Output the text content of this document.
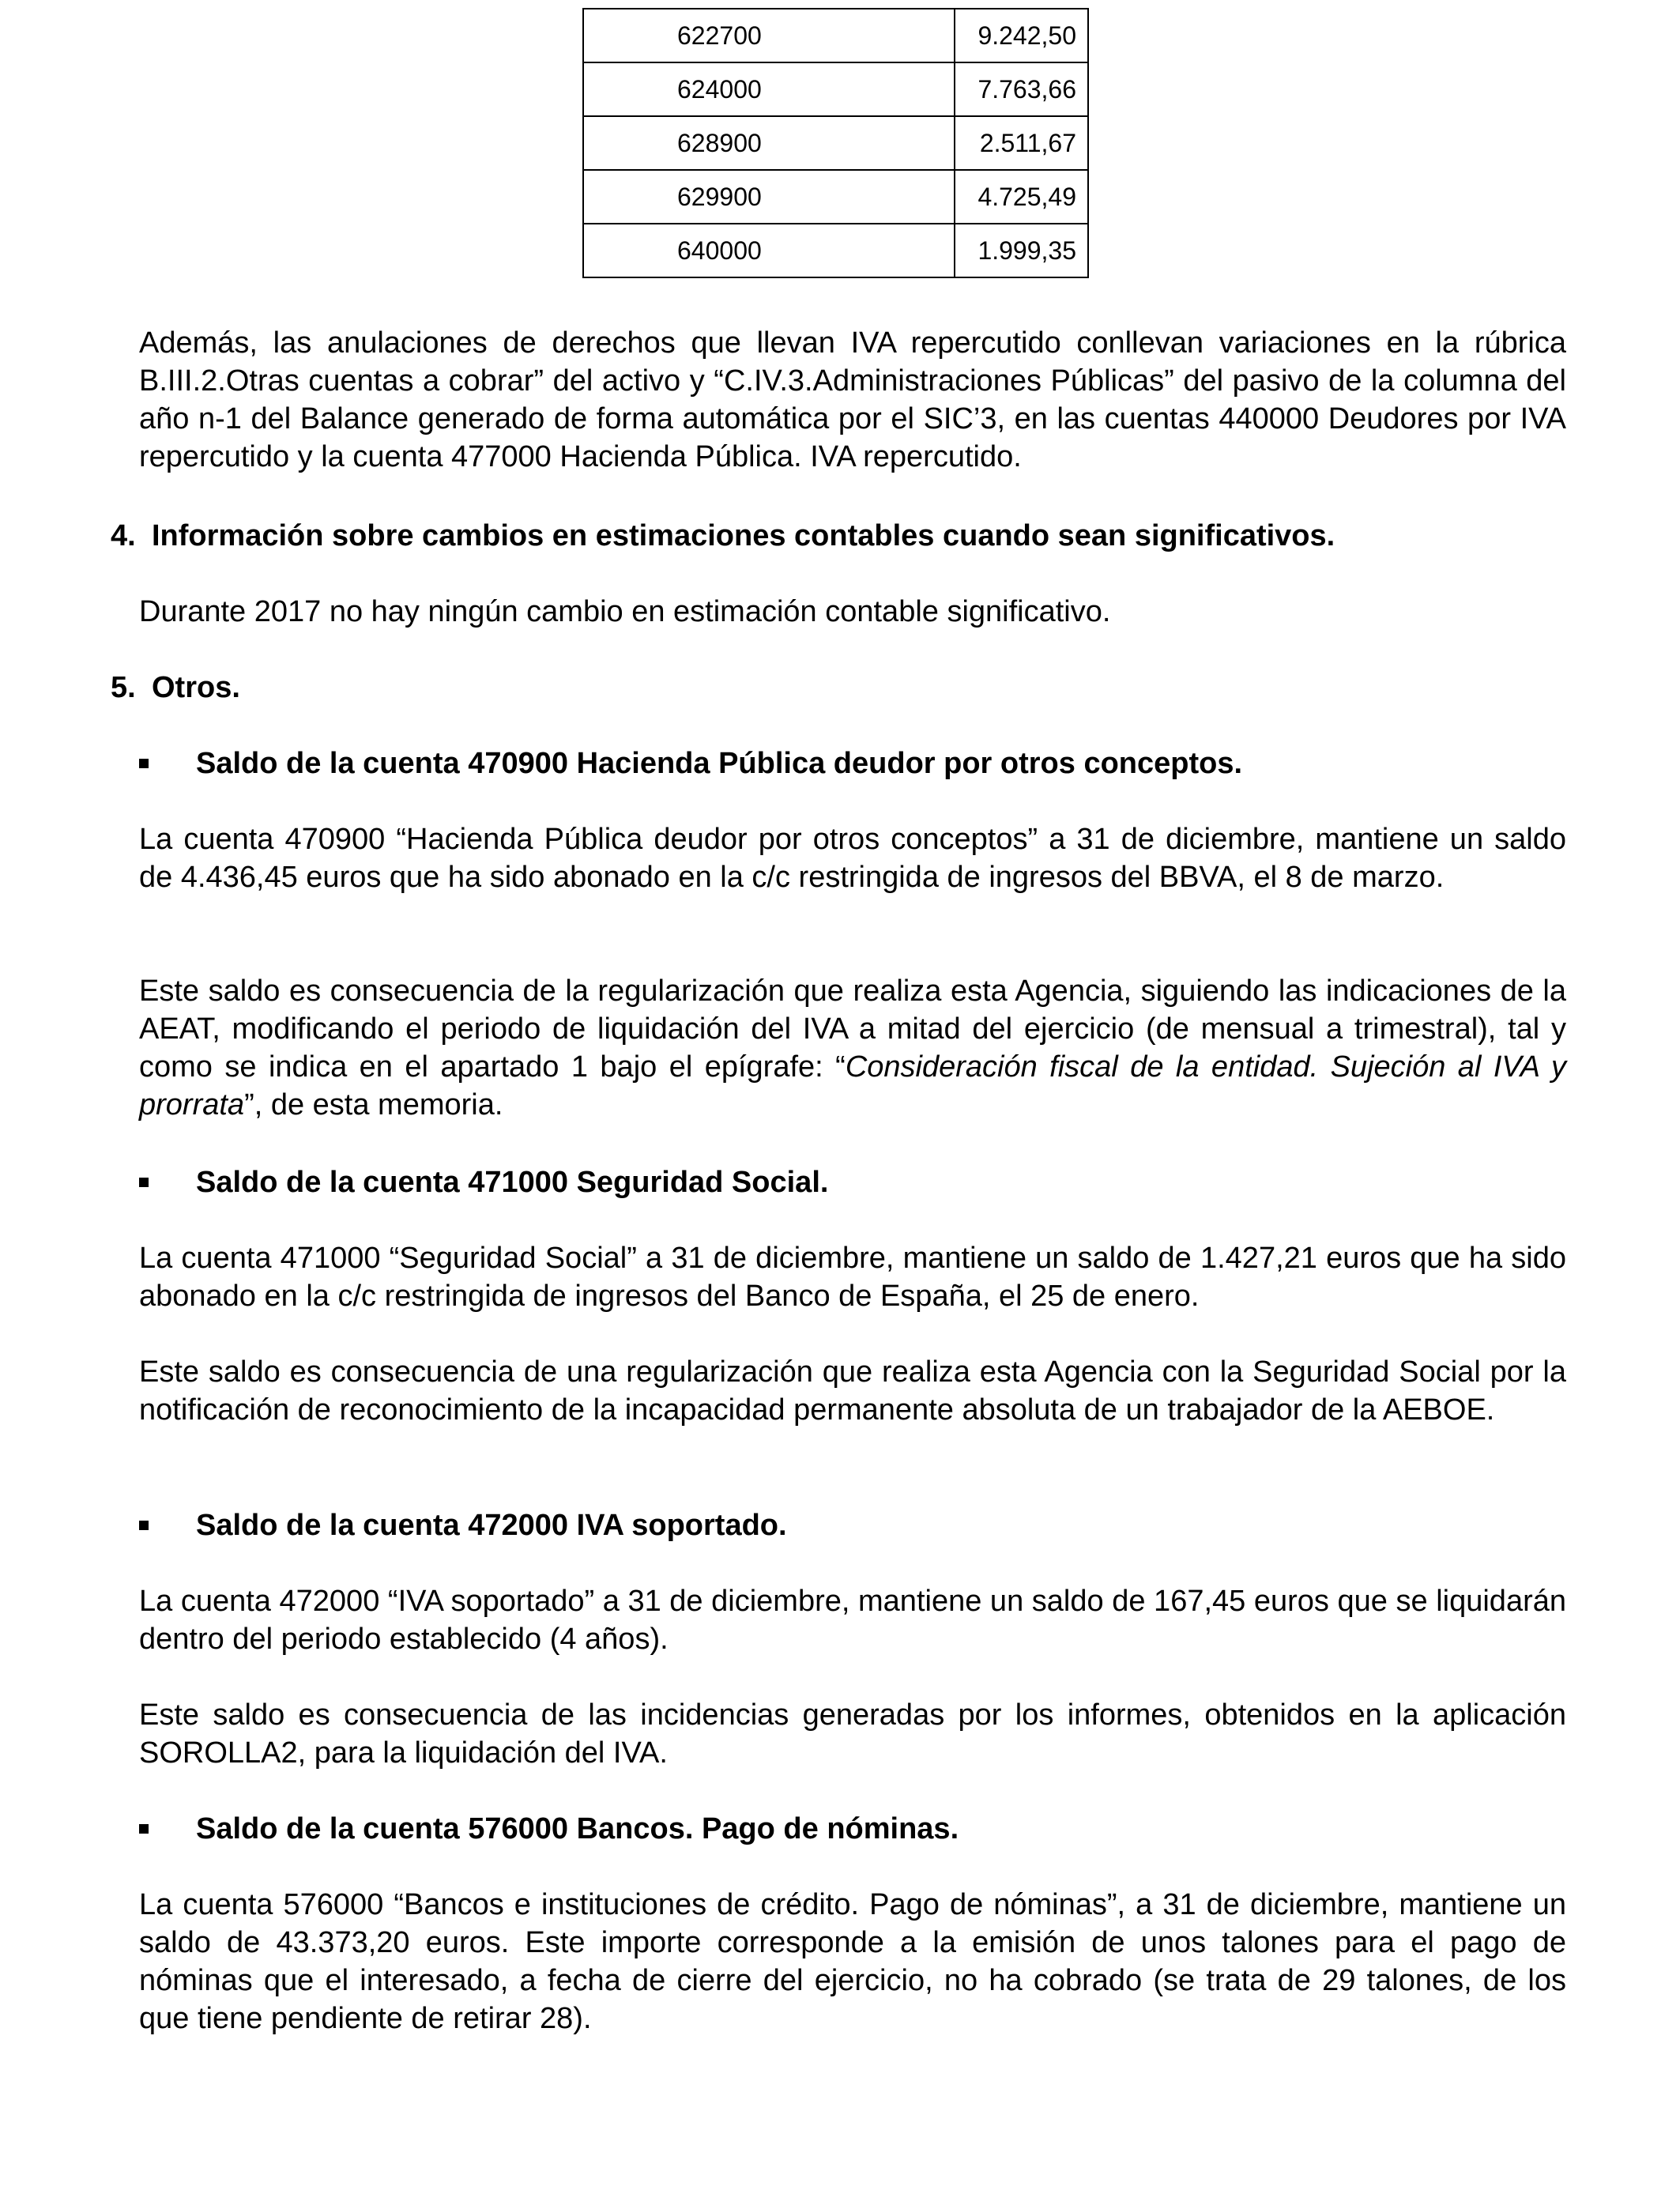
622700	9.242,50
624000	7.763,66
628900	2.511,67
629900	4.725,49
640000	1.999,35

Además, las anulaciones de derechos que llevan IVA repercutido conllevan variaciones en la rúbrica B.III.2.Otras cuentas a cobrar” del activo y “C.IV.3.Administraciones Públicas” del pasivo de la columna del año n-1 del Balance generado de forma automática por el SIC’3, en las cuentas 440000 Deudores por IVA repercutido y la cuenta 477000 Hacienda Pública. IVA repercutido.

4. Información sobre cambios en estimaciones contables cuando sean significativos.

Durante 2017 no hay ningún cambio en estimación contable significativo.

5. Otros.
Saldo de la cuenta 470900 Hacienda Pública deudor por otros conceptos.

La cuenta 470900 “Hacienda Pública deudor por otros conceptos” a 31 de diciembre, mantiene un saldo de 4.436,45 euros que ha sido abonado en la c/c restringida de ingresos del BBVA, el 8 de marzo.

Este saldo es consecuencia de la regularización que realiza esta Agencia, siguiendo las indicaciones de la AEAT, modificando el periodo de liquidación del IVA a mitad del ejercicio (de mensual a trimestral), tal y como se indica en el apartado 1 bajo el epígrafe: “Consideración fiscal de la entidad. Sujeción al IVA y prorrata”, de esta memoria.

Saldo de la cuenta 471000 Seguridad Social.

La cuenta 471000 “Seguridad Social” a 31 de diciembre, mantiene un saldo de 1.427,21 euros que ha sido abonado en la c/c restringida de ingresos del Banco de España, el 25 de enero.

Este saldo es consecuencia de una regularización que realiza esta Agencia con la Seguridad Social por la notificación de reconocimiento de la incapacidad permanente absoluta de un trabajador de la AEBOE.

Saldo de la cuenta 472000 IVA soportado.

La cuenta 472000 “IVA soportado” a 31 de diciembre, mantiene un saldo de 167,45 euros que se liquidarán dentro del periodo establecido (4 años).

Este saldo es consecuencia de las incidencias generadas por los informes, obtenidos en la aplicación SOROLLA2, para la liquidación del IVA.

Saldo de la cuenta 576000 Bancos. Pago de nóminas.

La cuenta 576000 “Bancos e instituciones de crédito. Pago de nóminas”, a 31 de diciembre, mantiene un saldo de 43.373,20 euros. Este importe corresponde a la emisión de unos talones para el pago de nóminas que el interesado, a fecha de cierre del ejercicio, no ha cobrado (se trata de 29 talones, de los que tiene pendiente de retirar 28).
